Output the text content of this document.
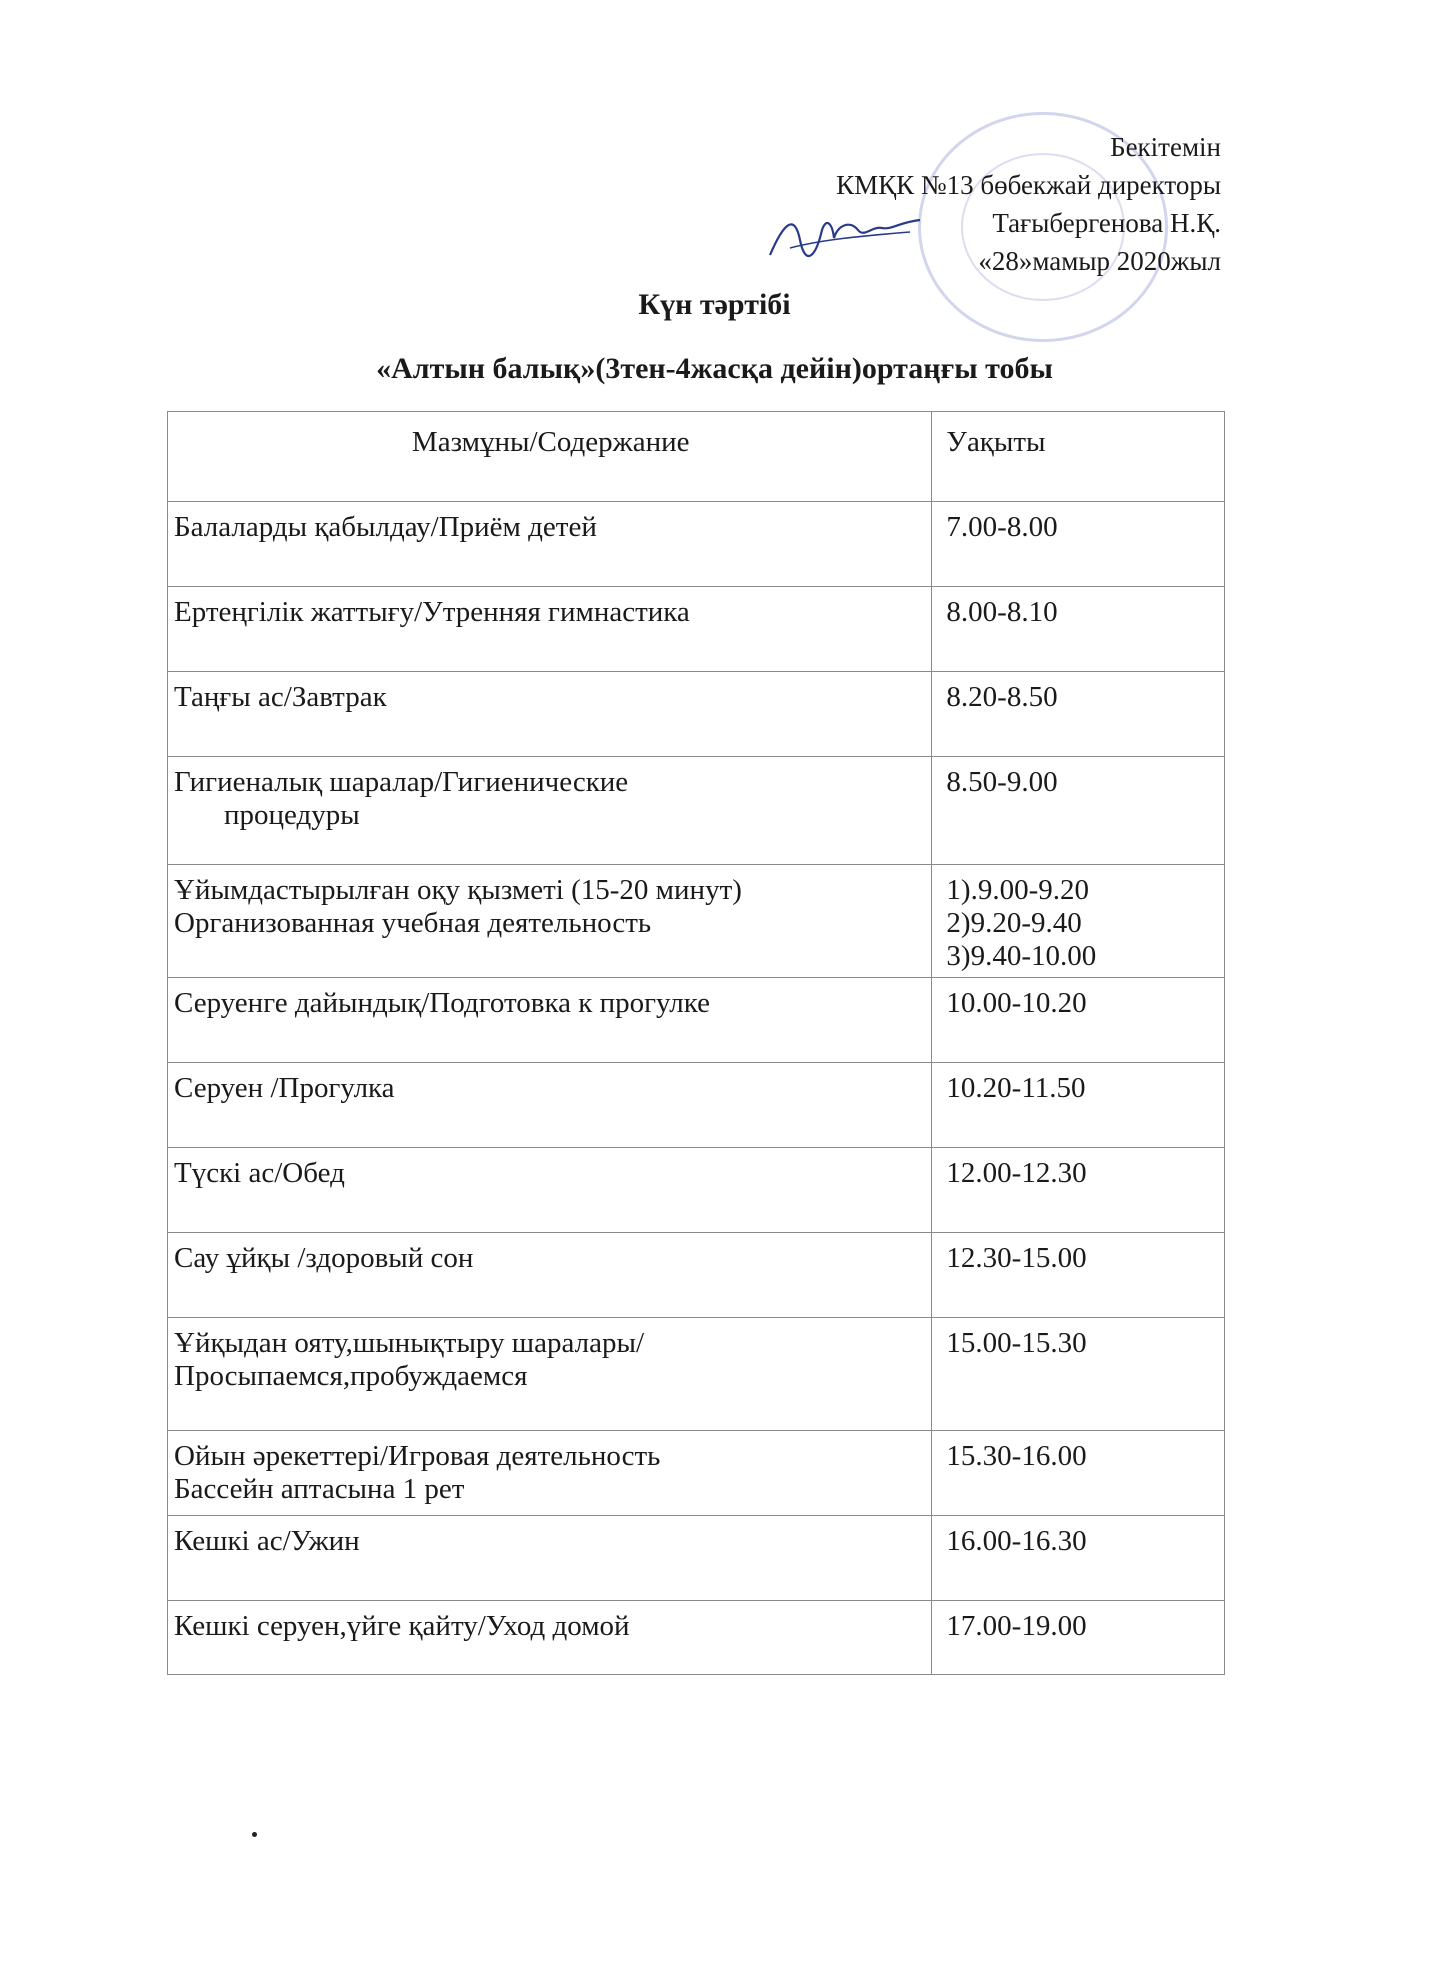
Бекітемін
КМҚК №13 бөбекжай директоры
Тағыбергенова Н.Қ.
«28»мамыр 2020жыл
Күн тәртібі
«Алтын балық»(3тен-4жасқа дейін)ортаңғы тобы
Мазмұны/Содержание	Уақыты

Балаларды қабылдау/Приём детей	7.00-8.00

Ертеңгілік жаттығу/Утренняя гимнастика	8.00-8.10

Таңғы ас/Завтрак	8.20-8.50

Гигиеналық шаралар/Гигиенические
процедуры	8.50-9.00

Ұйымдастырылған оқу қызметі (15-20 минут)
Организованная учебная деятельность	1).9.00-9.20
2)9.20-9.40
3)9.40-10.00

Серуенге дайындық/Подготовка к прогулке	10.00-10.20

Серуен /Прогулка	10.20-11.50

Түскі ас/Обед	12.00-12.30

Сау ұйқы /здоровый сон	12.30-15.00

Ұйқыдан ояту,шынықтыру шаралары/
Просыпаемся,пробуждаемся	15.00-15.30

Ойын әрекеттері/Игровая деятельность
Бассейн аптасына 1 рет	15.30-16.00

Кешкі ас/Ужин	16.00-16.30

Кешкі серуен,үйге қайту/Уход домой	17.00-19.00
